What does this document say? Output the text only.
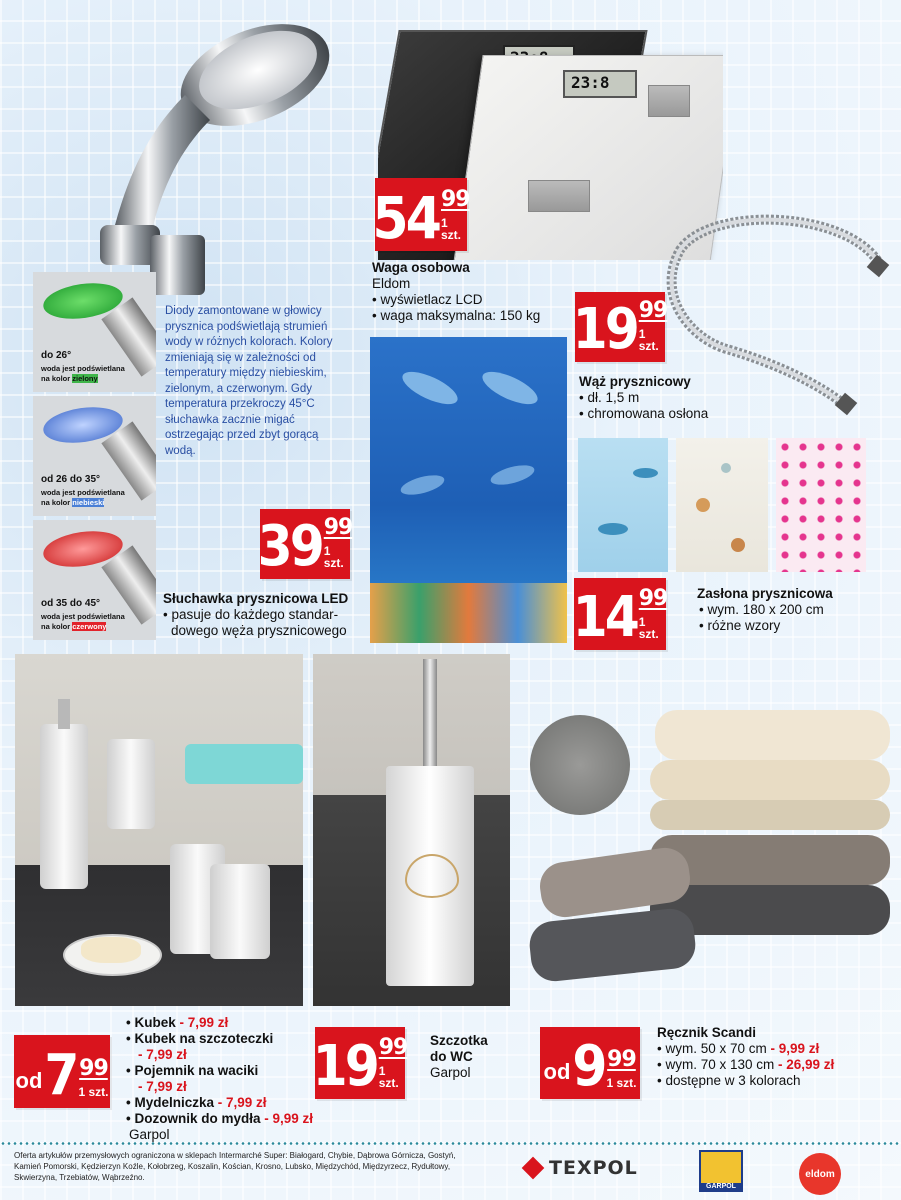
do 26°
woda jest podświetlana
na kolor zielony
od 26 do 35°
woda jest podświetlana
na kolor niebieski
od 35 do 45°
woda jest podświetlana
na kolor czerwony
Diody zamontowane w głowicy prysznica podświetlają strumień wody w różnych kolorach. Kolory zmieniają się w zależności od temperatury między niebieskim, zielonym, a czerwonym. Gdy temperatura przekroczy 45°C słuchawka zacznie migać ostrzegając przed zbyt gorącą wodą.
39 99
1 szt.
Słuchawka prysznicowa LED
• pasuje do każdego standar-
dowego węża prysznicowego
23:8
54 99
1 szt.
Waga osobowa
Eldom
• wyświetlacz LCD
• waga maksymalna: 150 kg 19 99
1 szt.
Wąż prysznicowy
• dł. 1,5 m
• chromowana osłona
14 99
1 szt.
Zasłona prysznicowa
• wym. 180 x 200 cm
• różne wzory
od 7 99
1 szt.
• Kubek - 7,99 zł
• Kubek na szczoteczki
- 7,99 zł
• Pojemnik na waciki
- 7,99 zł
• Mydelniczka - 7,99 zł
• Dozownik do mydła - 9,99 zł
Garpol
19 99
1 szt.
Szczotka
do WC
Garpol	od 9 99
1 szt.
Ręcznik Scandi
• wym. 50 x 70 cm - 9,99 zł
• wym. 70 x 130 cm - 26,99 zł
• dostępne w 3 kolorach
Oferta artykułów przemysłowych ograniczona w sklepach Intermarché Super: Białogard, Chybie, Dąbrowa Górnicza, Gostyń, Kamień Pomorski, Kędzierzyn Koźle, Kołobrzeg, Koszalin, Kościan, Krosno, Lubsko, Międzychód, Międzyrzecz, Rydułtowy, Skwierzyna, Trzebiatów, Wąbrzeźno.	TEXPOL
GARPOL
eldom
